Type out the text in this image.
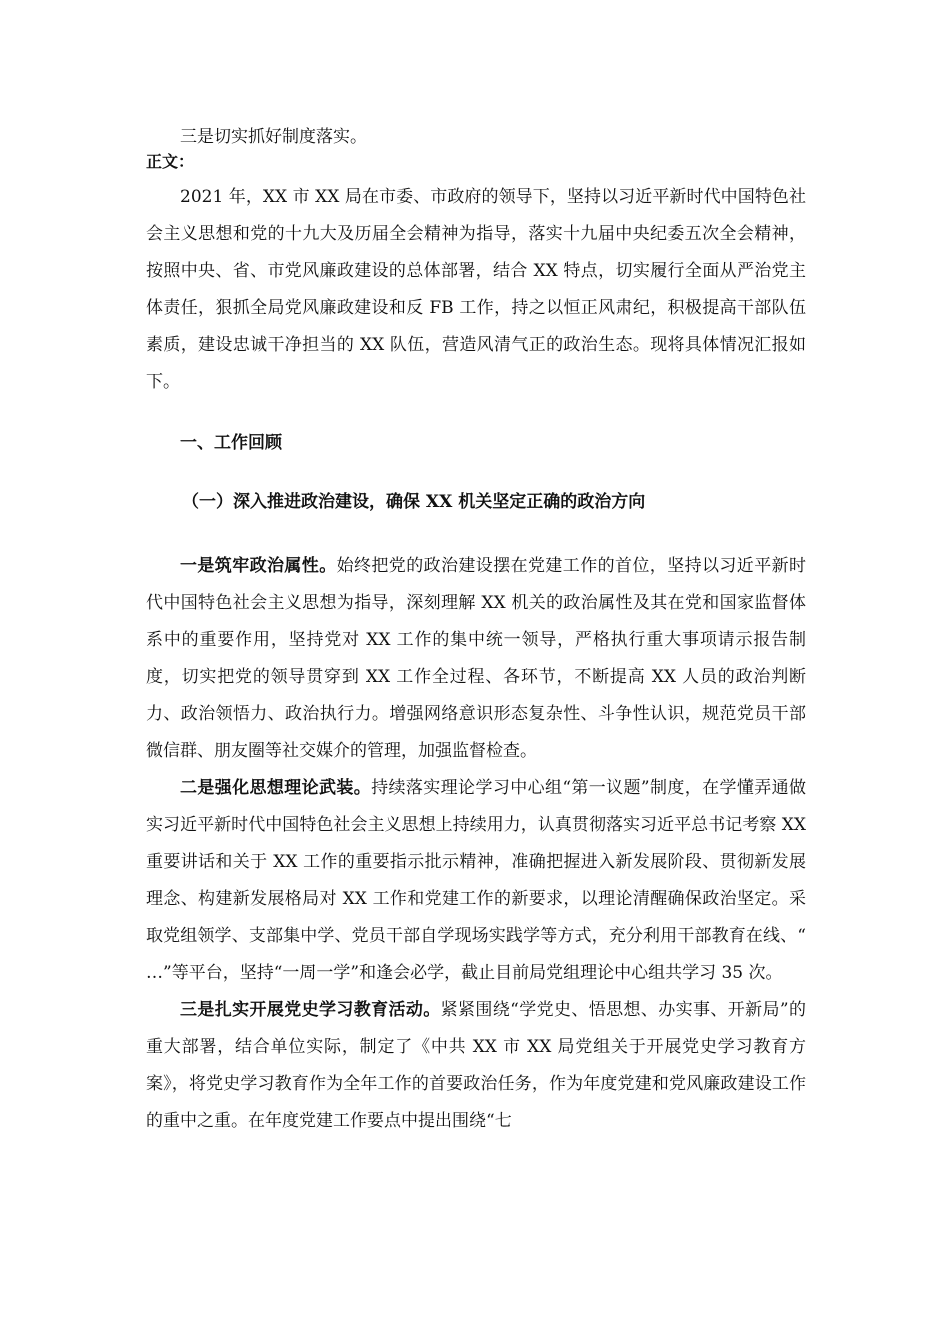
三是切实抓好制度落实。

正文：

2021 年，XX 市 XX 局在市委、市政府的领导下，坚持以习近平新时代中国特色社会主义思想和党的十九大及历届全会精神为指导，落实十九届中央纪委五次全会精神，按照中央、省、市党风廉政建设的总体部署，结合 XX 特点，切实履行全面从严治党主体责任，狠抓全局党风廉政建设和反 FB 工作，持之以恒正风肃纪，积极提高干部队伍素质，建设忠诚干净担当的 XX 队伍，营造风清气正的政治生态。现将具体情况汇报如下。

一、工作回顾

（一）深入推进政治建设，确保 XX 机关坚定正确的政治方向

一是筑牢政治属性。始终把党的政治建设摆在党建工作的首位，坚持以习近平新时代中国特色社会主义思想为指导，深刻理解 XX 机关的政治属性及其在党和国家监督体系中的重要作用，坚持党对 XX 工作的集中统一领导，严格执行重大事项请示报告制度，切实把党的领导贯穿到 XX 工作全过程、各环节，不断提高 XX 人员的政治判断力、政治领悟力、政治执行力。增强网络意识形态复杂性、斗争性认识，规范党员干部微信群、朋友圈等社交媒介的管理，加强监督检查。

二是强化思想理论武装。持续落实理论学习中心组“第一议题”制度，在学懂弄通做实习近平新时代中国特色社会主义思想上持续用力，认真贯彻落实习近平总书记考察 XX 重要讲话和关于 XX 工作的重要指示批示精神，准确把握进入新发展阶段、贯彻新发展理念、构建新发展格局对 XX 工作和党建工作的新要求，以理论清醒确保政治坚定。采取党组领学、支部集中学、党员干部自学现场实践学等方式，充分利用干部教育在线、“ …”等平台，坚持“一周一学”和逢会必学，截止目前局党组理论中心组共学习 35 次。

三是扎实开展党史学习教育活动。紧紧围绕“学党史、悟思想、办实事、开新局”的重大部署，结合单位实际，制定了《中共 XX 市 XX 局党组关于开展党史学习教育方案》，将党史学习教育作为全年工作的首要政治任务，作为年度党建和党风廉政建设工作的重中之重。在年度党建工作要点中提出围绕“七
